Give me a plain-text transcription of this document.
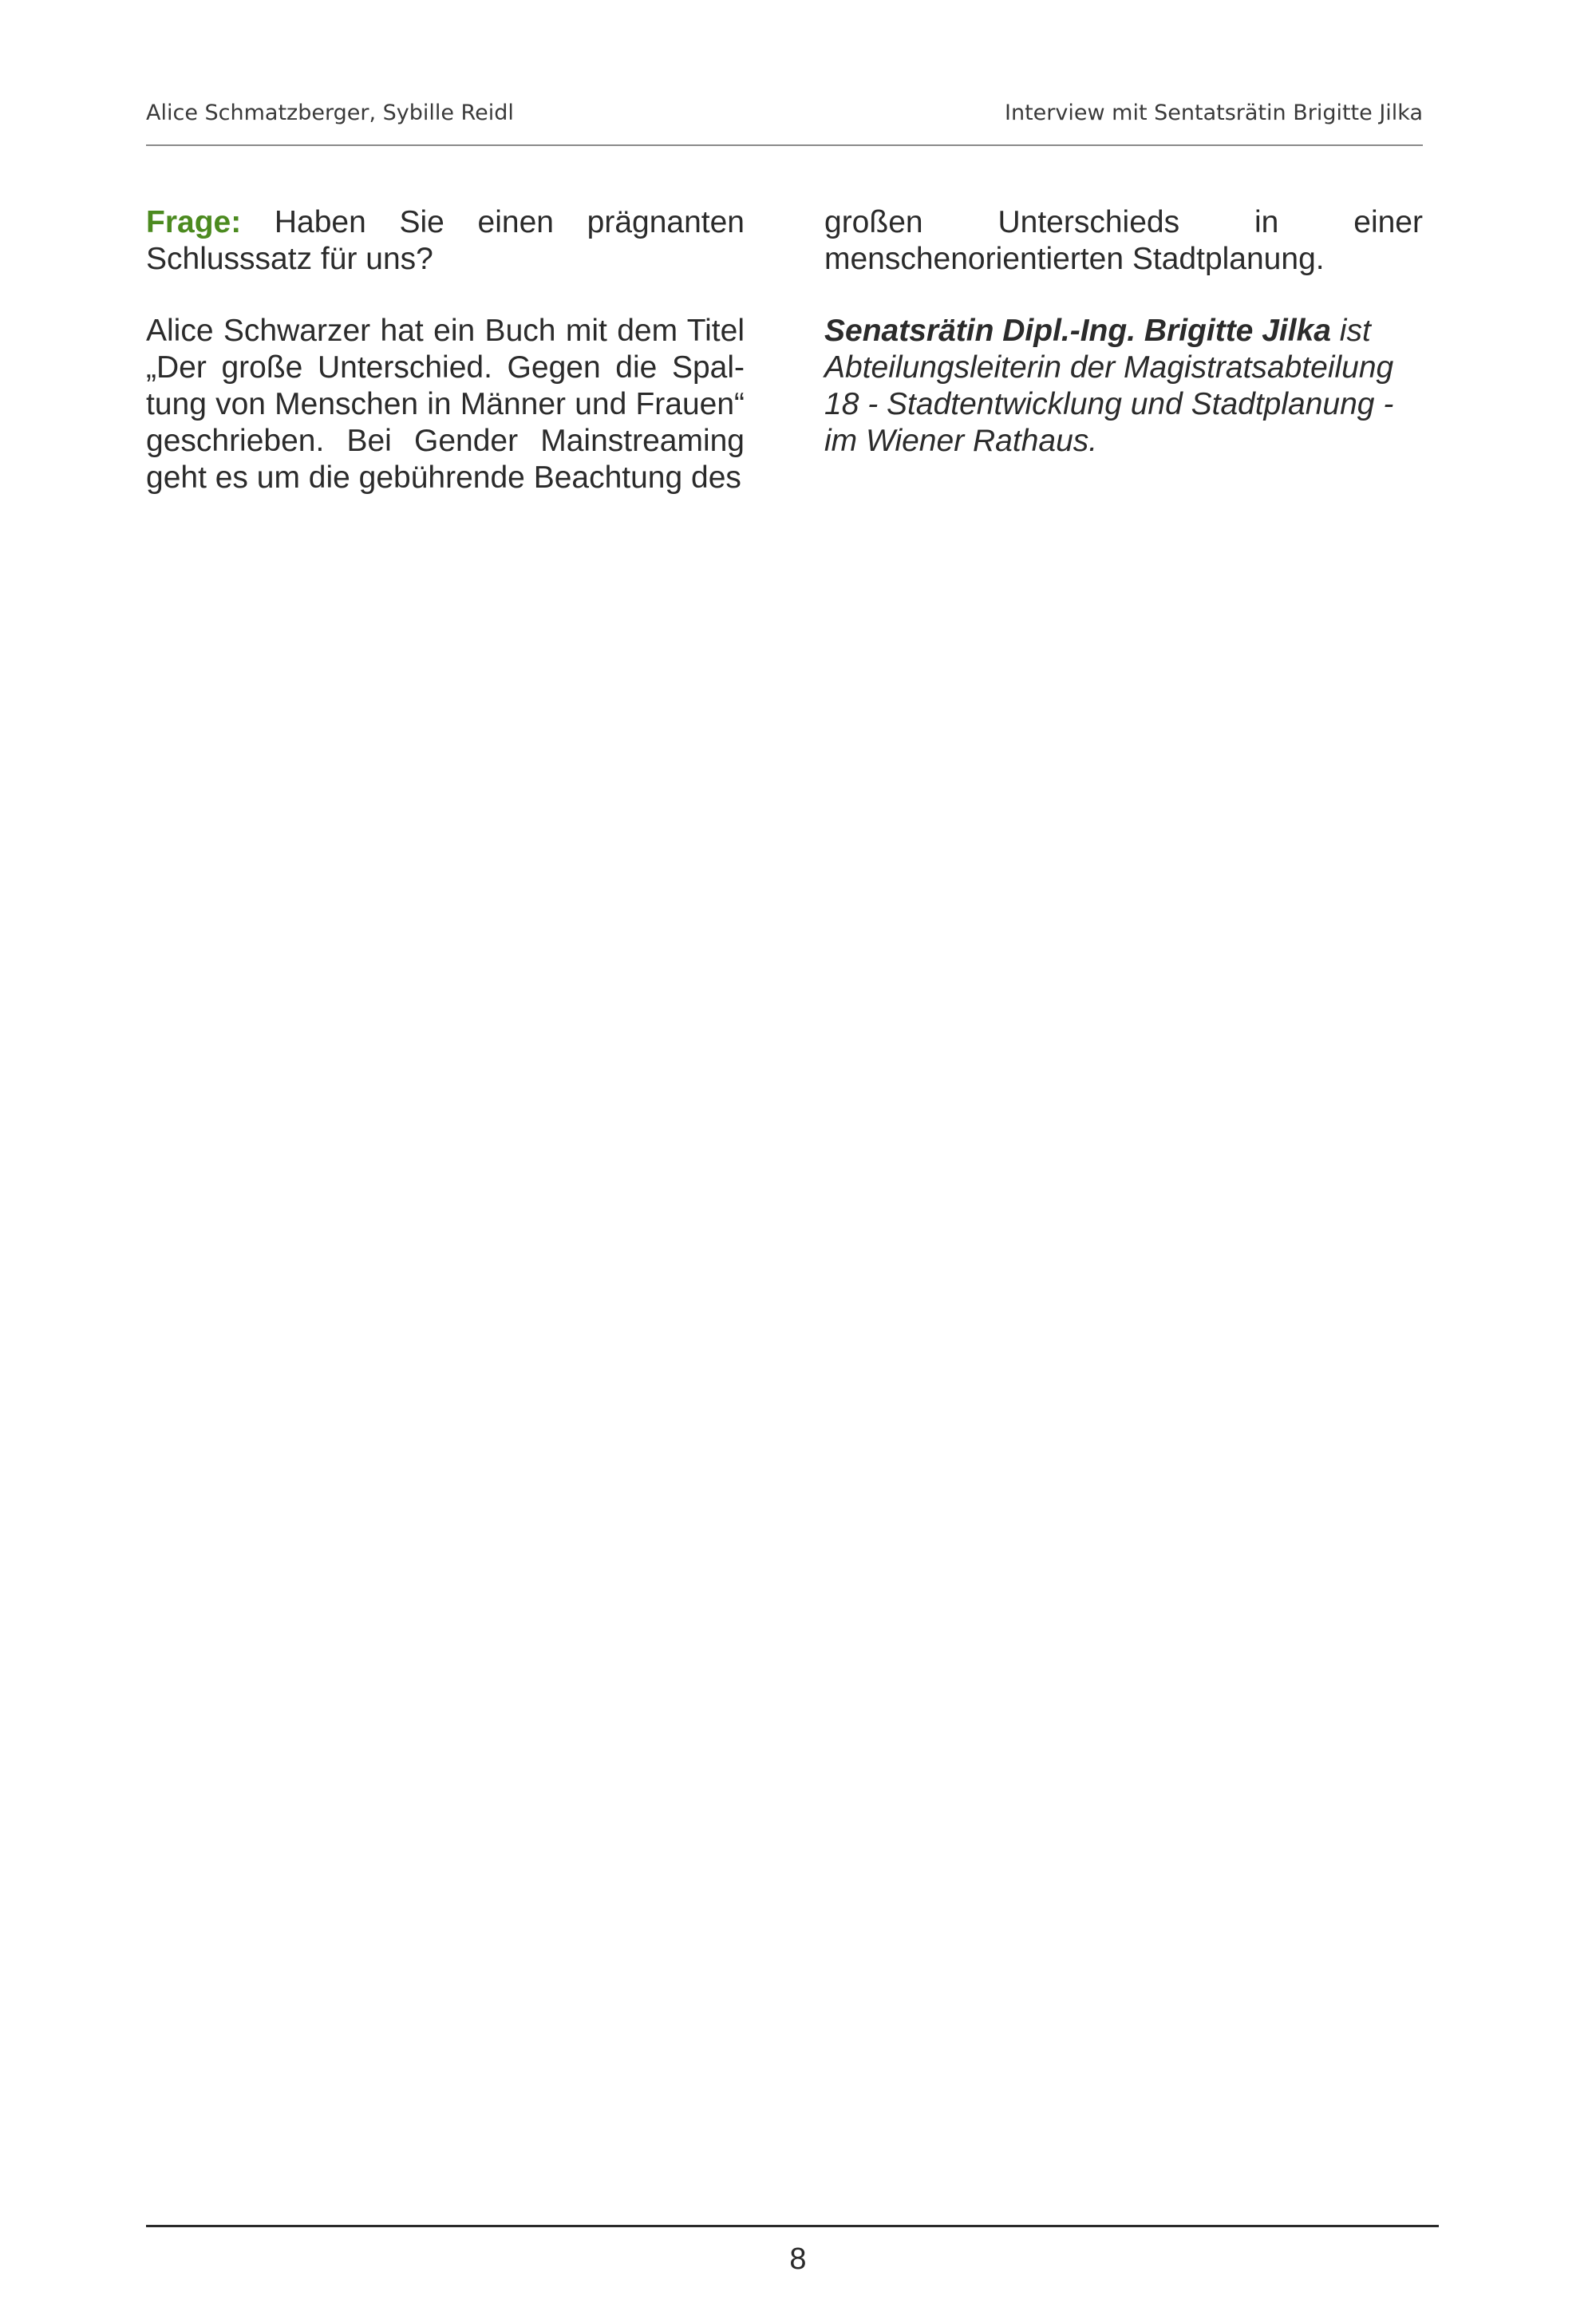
Alice Schmatzberger, Sybille Reidl	Interview mit Sentatsrätin Brigitte Jilka

Frage: Haben Sie einen prägnanten Schlusssatz für uns?

Alice Schwarzer hat ein Buch mit dem Titel „Der große Unterschied. Gegen die Spal-tung von Menschen in Männer und Frauen“ geschrieben. Bei Gender Mainstreaming geht es um die gebührende Beachtung des

großen Unterschieds in einer menschenorientierten Stadtplanung.

Senatsrätin Dipl.-Ing. Brigitte Jilka ist Abteilungsleiterin der Magistratsabteilung 18 - Stadtentwicklung und Stadtplanung - im Wiener Rathaus.

8
